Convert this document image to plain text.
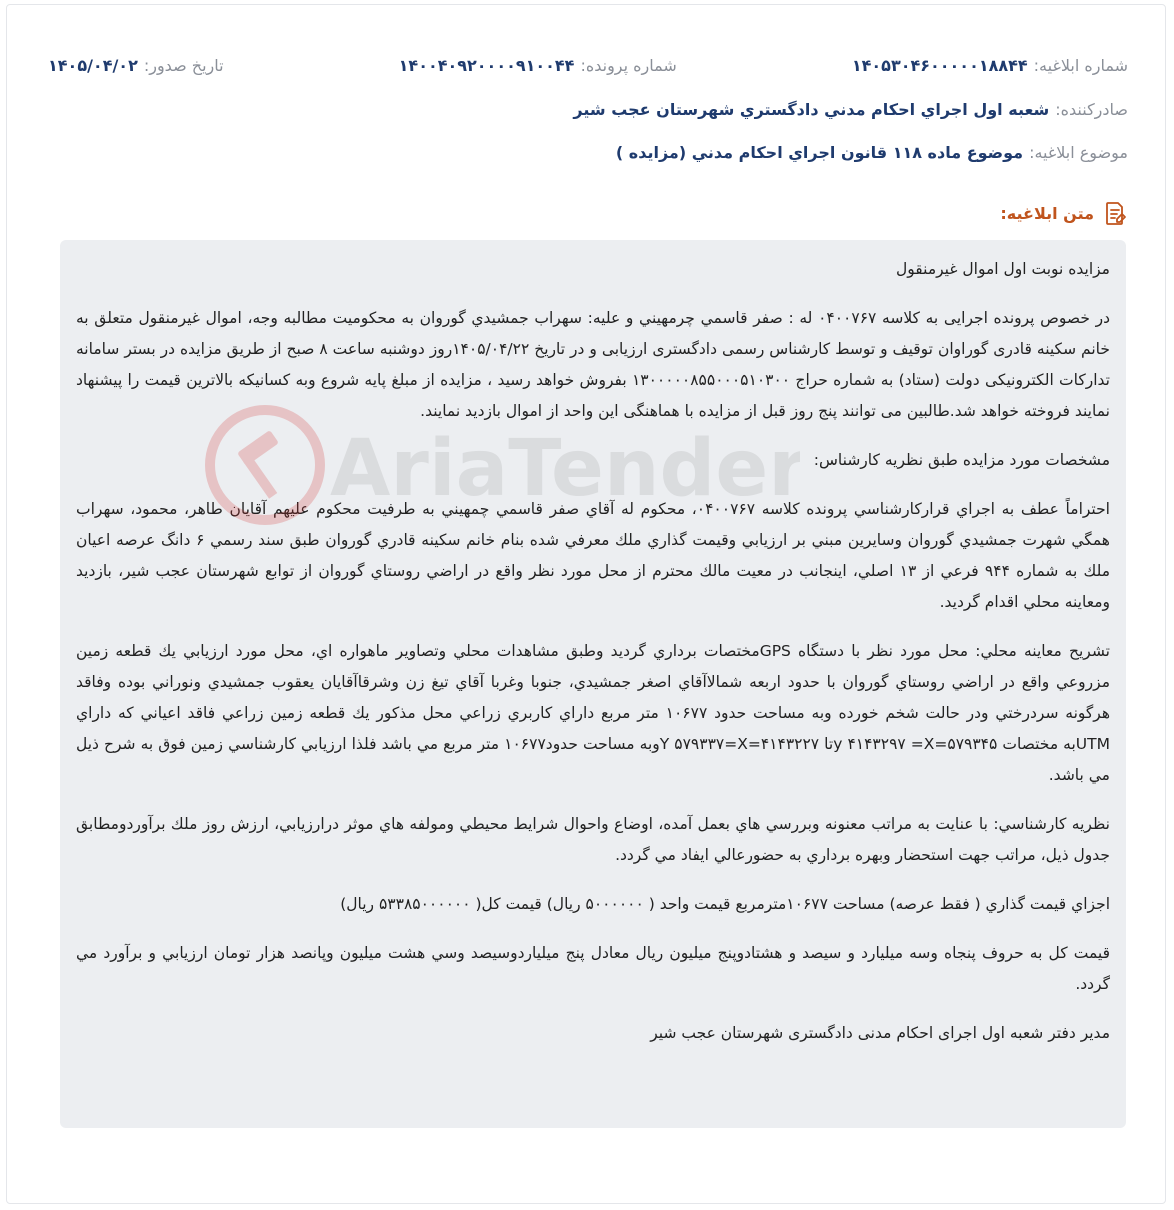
شماره ابلاغیه:
۱۴۰۵۳۰۴۶۰۰۰۰۰۱۸۸۴۴
شماره پرونده:
۱۴۰۰۴۰۹۲۰۰۰۰۹۱۰۰۴۴
تاریخ صدور:
۱۴۰۵/۰۴/۰۲
صادرکننده:شعبه اول اجراي احكام مدني دادگستري شهرستان عجب شير
موضوع ابلاغیه:موضوع ماده ۱۱۸ قانون اجراي احكام مدني (مزايده )
متن ابلاغیه:

مزايده نوبت اول اموال غيرمنقول

در خصوص پرونده اجرایی به کلاسه ۰۴۰۰۷۶۷ له : صفر قاسمي چرمهيني و عليه: سهراب جمشيدي گوروان به محکومیت مطالبه وجه، اموال غیرمنقول متعلق به خانم سکینه قادری گوراوان توقیف و توسط کارشناس رسمی دادگستری ارزیابی و در تاریخ ۱۴۰۵/۰۴/۲۲روز دوشنبه ساعت ۸ صبح از طریق مزایده در بستر سامانه تدارکات الکترونیکی دولت (ستاد) به شماره حراج ۱۳۰۰۰۰۰۸۵۵۰۰۰۵۱۰۳۰۰ بفروش خواهد رسید ، مزایده از مبلغ پایه شروع وبه کسانیکه بالاترین قیمت را پیشنهاد نمایند فروخته خواهد شد.طالبین می توانند پنج روز قبل از مزایده با هماهنگی این واحد از اموال بازدید نمایند.

مشخصات مورد مزایده طبق نظریه کارشناس:

احتراماً عطف به اجراي قراركارشناسي پرونده كلاسه ۰۴۰۰۷۶۷، محكوم له آقاي صفر قاسمي چمهيني به طرفيت محكوم عليهم آقايان طاهر، محمود، سهراب همگي شهرت جمشيدي گوروان وسايرين مبني بر ارزيابي وقيمت گذاري ملك معرفي شده بنام خانم سكينه قادري گوروان طبق سند رسمي ۶ دانگ عرصه اعيان ملك به شماره ۹۴۴ فرعي از ۱۳ اصلي، اينجانب در معيت مالك محترم از محل مورد نظر واقع در اراضي روستاي گوروان از توابع شهرستان عجب شير، بازديد ومعاينه محلي اقدام گرديد.

تشريح معاينه محلي: محل مورد نظر با دستگاه GPSمختصات برداري گرديد وطبق مشاهدات محلي وتصاوير ماهواره اي، محل مورد ارزيابي يك قطعه زمين مزروعي واقع در اراضي روستاي گوروان با حدود اربعه شمالاآقاي اصغر جمشيدي، جنوبا وغربا آقاي تيغ زن وشرقاآقايان يعقوب جمشيدي ونوراني بوده وفاقد هرگونه سردرختي ودر حالت شخم خورده وبه مساحت حدود ۱۰۶۷۷ متر مربع داراي كاربري زراعي محل مذكور يك قطعه زمين زراعي فاقد اعياني كه داراي UTMبه مختصات ۵۷۹۳۴۵=y ۴۱۴۳۲۹۷ =Xتا ۴۱۴۳۲۲۷=Y ۵۷۹۳۳۷=Xوبه مساحت حدود۱۰۶۷۷ متر مربع مي باشد فلذا ارزيابي كارشناسي زمين فوق به شرح ذيل مي باشد.

نظريه كارشناسي: با عنايت به مراتب معنونه وبررسي هاي بعمل آمده، اوضاع واحوال شرايط محيطي ومولفه هاي موثر درارزيابي، ارزش روز ملك برآوردومطابق جدول ذيل، مراتب جهت استحضار وبهره برداري به حضورعالي ايفاد مي گردد.

اجزاي قيمت گذاري ( فقط عرصه) مساحت ۱۰۶۷۷مترمربع قيمت واحد ( ۵۰۰۰۰۰۰ ريال) قيمت كل( ۵۳۳۸۵۰۰۰۰۰۰ ريال)

قيمت كل به حروف پنجاه وسه ميليارد و سيصد و هشتادوپنج ميليون ريال معادل پنج ميلياردوسيصد وسي هشت ميليون وپانصد هزار تومان ارزيابي و برآورد مي گردد.

مدیر دفتر شعبه اول اجرای احکام مدنی دادگستری شهرستان عجب شیر

AriaTender
